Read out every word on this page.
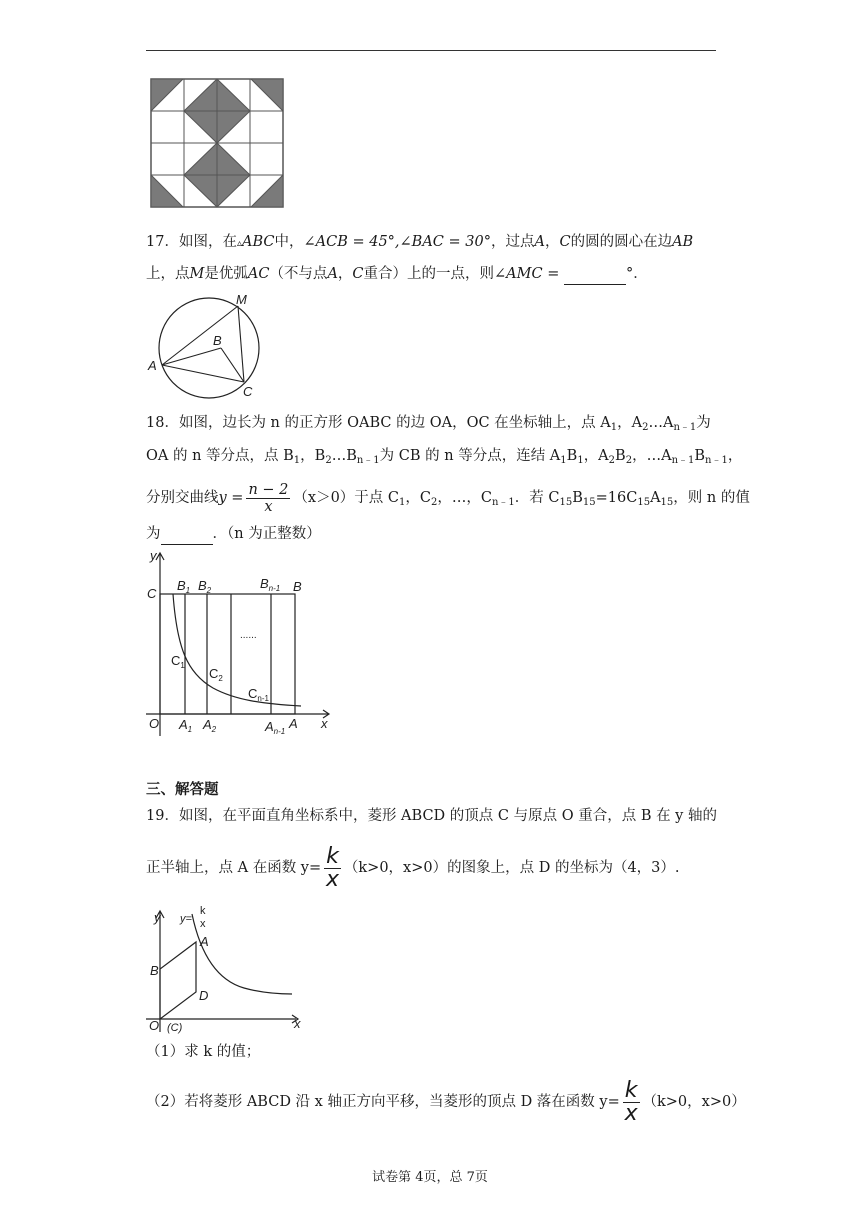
17．如图，在▵ABC中，∠ACB = 45°,∠BAC = 30°，过点A，C的圆的圆心在边AB
上，点M是优弧AC（不与点A，C重合）上的一点，则∠AMC =	°．
M
B
A
C
18．如图，边长为 n 的正方形 OABC 的边 OA，OC 在坐标轴上，点 $A_1$，$A_2\dots A_{n﹣1}$为
OA 的 n 等分点，点 $B_1$，$B_2\dots B_{n﹣1}$为 CB 的 n 等分点，连结 $A_1B_1$，$A_2B_2$，$\dots A_{n﹣1}B_{n﹣1}$，
分别交曲线$y = \frac{n - 2}{x} (x>0)$于点 $C_1$，$C_2$，…，$C_{n﹣1}$．若 $C_{15}B_{15}=16C_{15}A_{15}$，则 n 的值
为	．（n 为正整数）
y
x
O
C	B
A
$B_1$ $B_2$	$B_{n-1}$
$A_1$ $A_2$	$A_{n-1}$
$C_1$
$C_2$
$C_{n-1}$
......
三、解答题
19．如图，在平面直角坐标系中，菱形 ABCD 的顶点 C 与原点 O 重合，点 B 在 y 轴的
正半轴上，点 A 在函数 $y= \frac{k}{x} (k>0$，x>0）的图象上，点 D 的坐标为（4，3）.
y y=
k
x
x
A
B
D
O (C)
（1）求 k 的值；
（2）若将菱形 ABCD 沿 x 轴正方向平移，当菱形的顶点 D 落在函数 $y= \frac{k}{x} (k>0$，x>0）
试卷第 4页，总 7页
